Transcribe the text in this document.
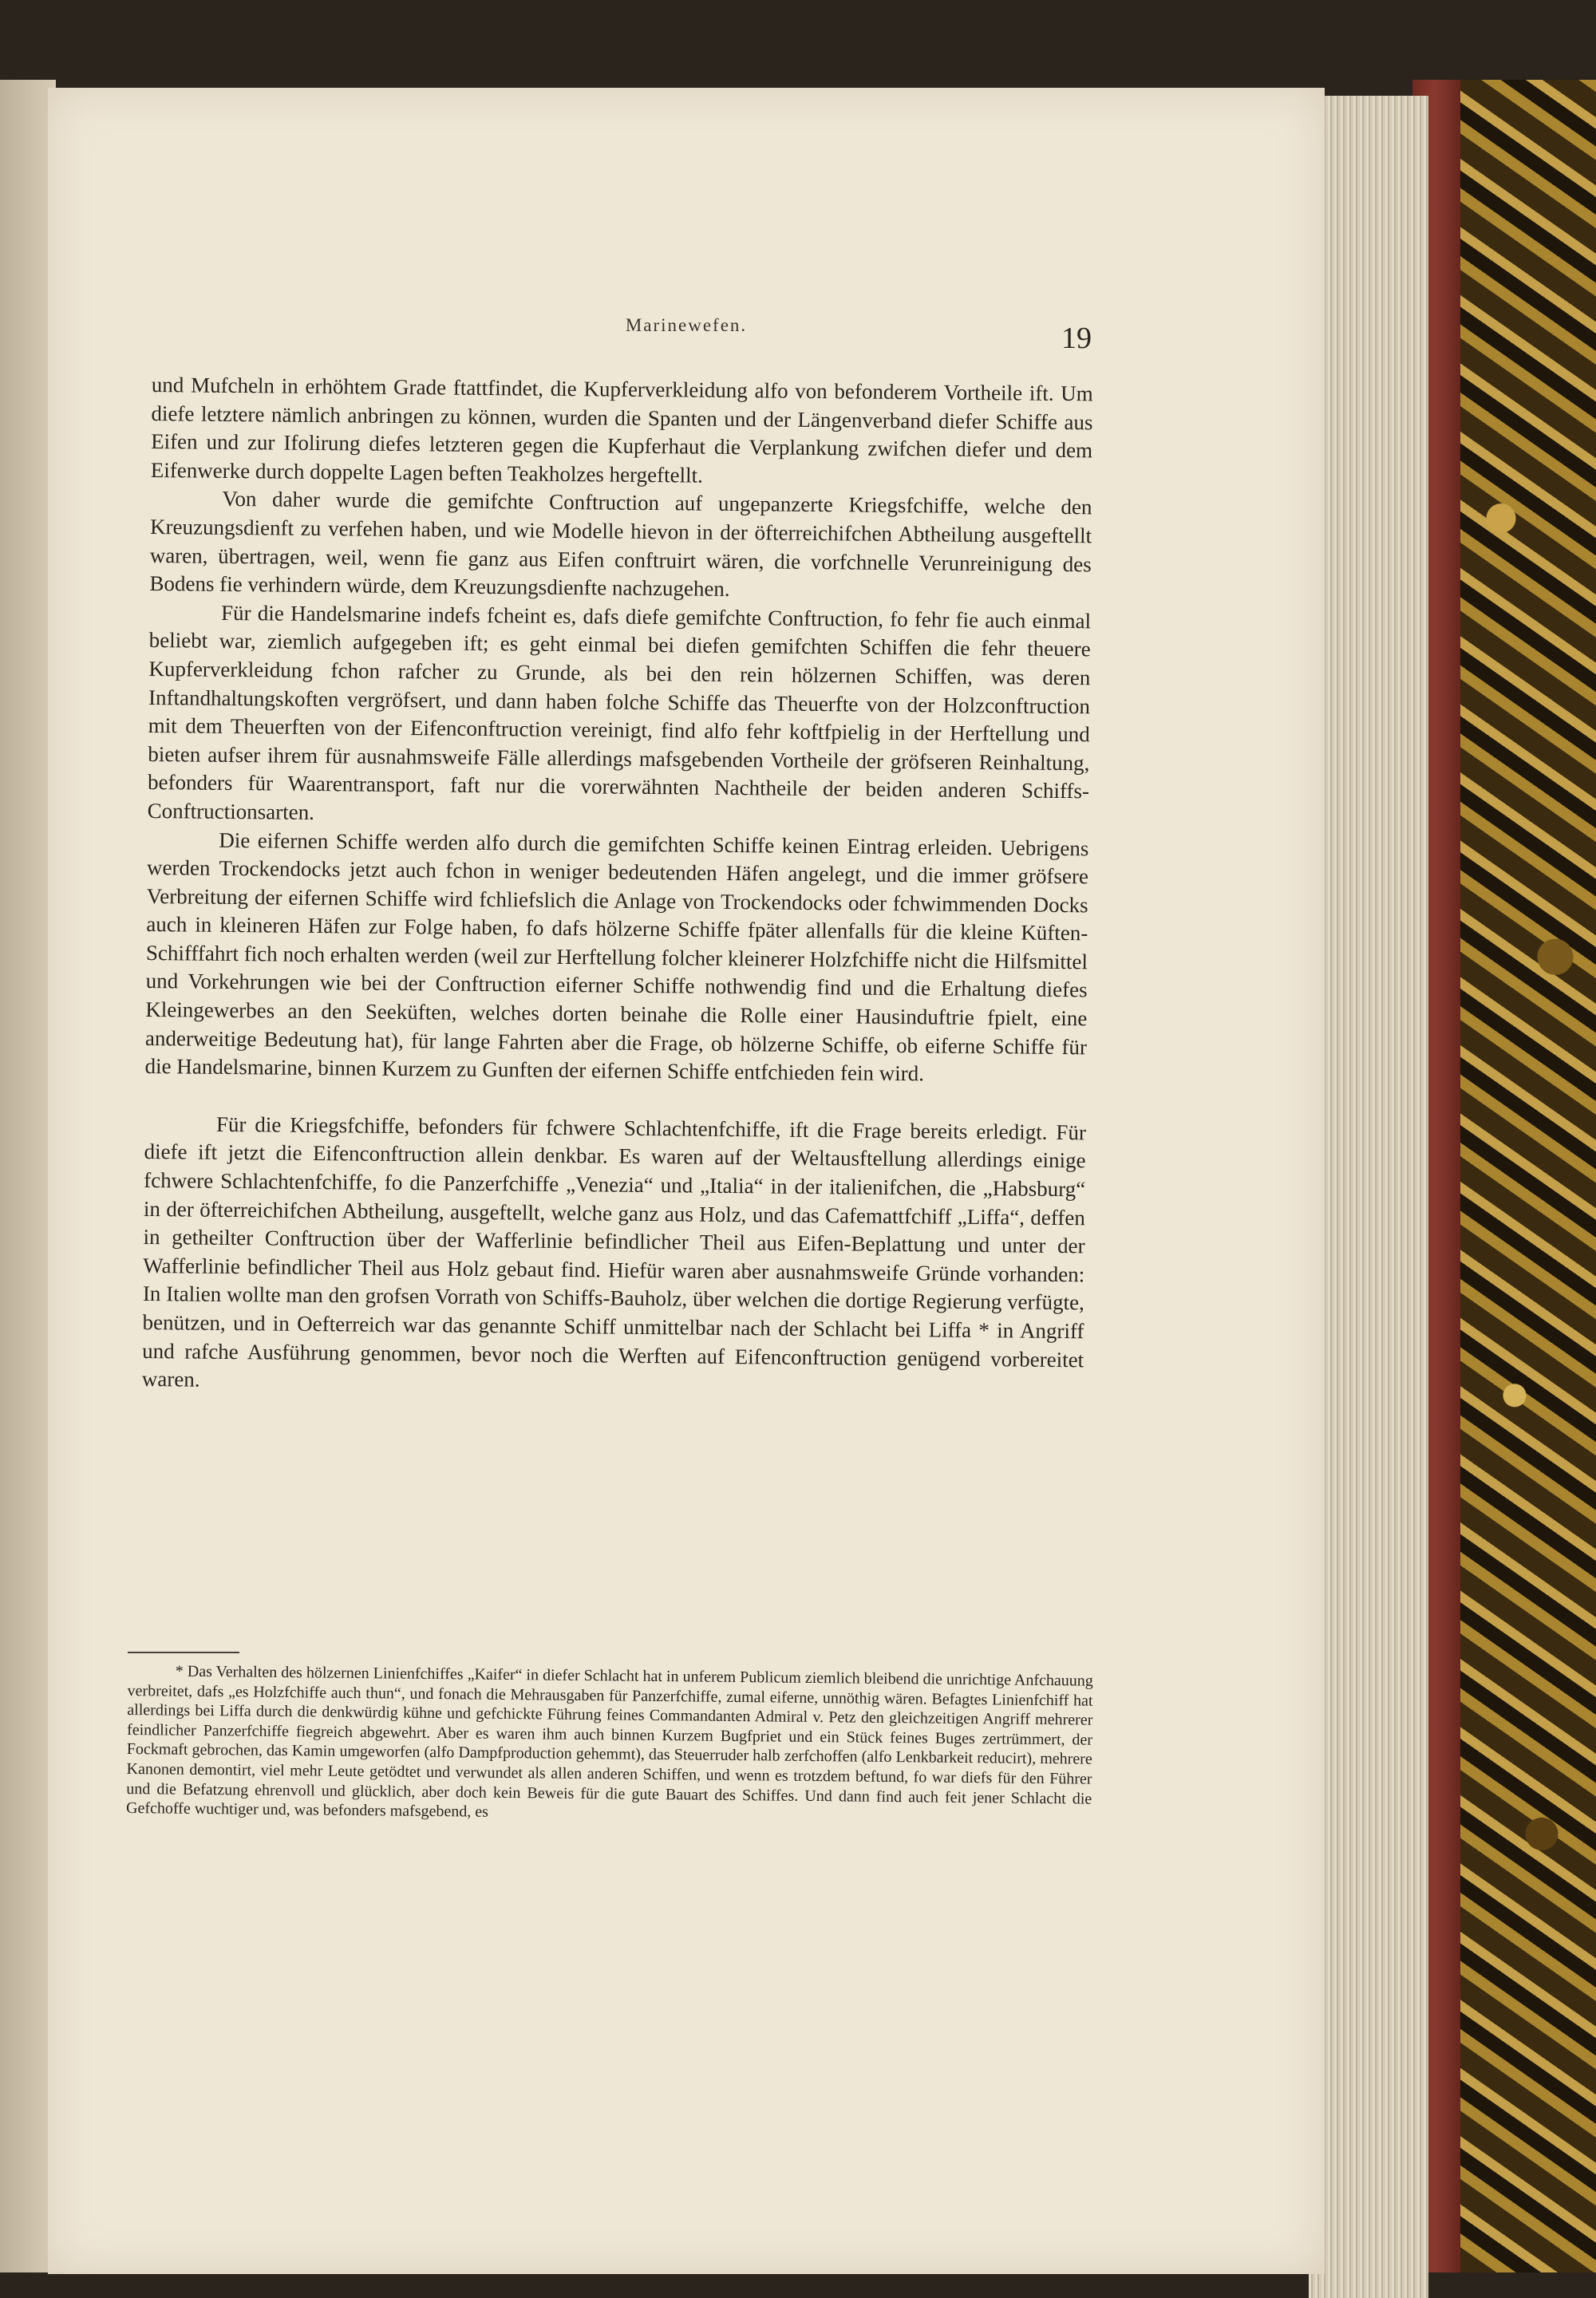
Marinewefen.	19

und Mufcheln in erhöhtem Grade ftattfindet, die Kupferverkleidung alfo von befonderem Vortheile ift. Um diefe letztere nämlich anbringen zu können, wurden die Spanten und der Längenverband diefer Schiffe aus Eifen und zur Ifolirung diefes letzteren gegen die Kupferhaut die Verplankung zwifchen diefer und dem Eifenwerke durch doppelte Lagen beften Teakholzes hergeftellt.

Von daher wurde die gemifchte Conftruction auf ungepanzerte Kriegsfchiffe, welche den Kreuzungsdienft zu verfehen haben, und wie Modelle hievon in der öfterreichifchen Abtheilung ausgeftellt waren, übertragen, weil, wenn fie ganz aus Eifen conftruirt wären, die vorfchnelle Verunreinigung des Bodens fie verhindern würde, dem Kreuzungsdienfte nachzugehen.

Für die Handelsmarine indefs fcheint es, dafs diefe gemifchte Conftruction, fo fehr fie auch einmal beliebt war, ziemlich aufgegeben ift; es geht einmal bei diefen gemifchten Schiffen die fehr theuere Kupferverkleidung fchon rafcher zu Grunde, als bei den rein hölzernen Schiffen, was deren Inftandhaltungskoften vergröfsert, und dann haben folche Schiffe das Theuerfte von der Holzconftruction mit dem Theuerften von der Eifenconftruction vereinigt, find alfo fehr koftfpielig in der Herftellung und bieten aufser ihrem für ausnahmsweife Fälle allerdings mafsgebenden Vortheile der gröfseren Reinhaltung, befonders für Waarentransport, faft nur die vorerwähnten Nachtheile der beiden anderen Schiffs-Conftructionsarten.

Die eifernen Schiffe werden alfo durch die gemifchten Schiffe keinen Eintrag erleiden. Uebrigens werden Trockendocks jetzt auch fchon in weniger bedeutenden Häfen angelegt, und die immer gröfsere Verbreitung der eifernen Schiffe wird fchliefslich die Anlage von Trockendocks oder fchwimmenden Docks auch in kleineren Häfen zur Folge haben, fo dafs hölzerne Schiffe fpäter allenfalls für die kleine Küften-Schifffahrt fich noch erhalten werden (weil zur Herftellung folcher kleinerer Holzfchiffe nicht die Hilfsmittel und Vorkehrungen wie bei der Conftruction eiferner Schiffe nothwendig find und die Erhaltung diefes Kleingewerbes an den Seeküften, welches dorten beinahe die Rolle einer Hausinduftrie fpielt, eine anderweitige Bedeutung hat), für lange Fahrten aber die Frage, ob hölzerne Schiffe, ob eiferne Schiffe für die Handelsmarine, binnen Kurzem zu Gunften der eifernen Schiffe entfchieden fein wird.

Für die Kriegsfchiffe, befonders für fchwere Schlachtenfchiffe, ift die Frage bereits erledigt. Für diefe ift jetzt die Eifenconftruction allein denkbar. Es waren auf der Weltausftellung allerdings einige fchwere Schlachtenfchiffe, fo die Panzerfchiffe „Venezia“ und „Italia“ in der italienifchen, die „Habsburg“ in der öfterreichifchen Abtheilung, ausgeftellt, welche ganz aus Holz, und das Cafemattfchiff „Liffa“, deffen in getheilter Conftruction über der Wafferlinie befindlicher Theil aus Eifen-Beplattung und unter der Wafferlinie befindlicher Theil aus Holz gebaut find. Hiefür waren aber ausnahmsweife Gründe vorhanden: In Italien wollte man den grofsen Vorrath von Schiffs-Bauholz, über welchen die dortige Regierung verfügte, benützen, und in Oefterreich war das genannte Schiff unmittelbar nach der Schlacht bei Liffa * in Angriff und rafche Ausführung genommen, bevor noch die Werften auf Eifenconftruction genügend vorbereitet waren.

* Das Verhalten des hölzernen Linienfchiffes „Kaifer“ in diefer Schlacht hat in unferem Publicum ziemlich bleibend die unrichtige Anfchauung verbreitet, dafs „es Holzfchiffe auch thun“, und fonach die Mehrausgaben für Panzerfchiffe, zumal eiferne, unnöthig wären. Befagtes Linienfchiff hat allerdings bei Liffa durch die denkwürdig kühne und gefchickte Führung feines Commandanten Admiral v. Petz den gleichzeitigen Angriff mehrerer feindlicher Panzerfchiffe fiegreich abgewehrt. Aber es waren ihm auch binnen Kurzem Bugfpriet und ein Stück feines Buges zertrümmert, der Fockmaft gebrochen, das Kamin umgeworfen (alfo Dampfproduction gehemmt), das Steuerruder halb zerfchoffen (alfo Lenkbarkeit reducirt), mehrere Kanonen demontirt, viel mehr Leute getödtet und verwundet als allen anderen Schiffen, und wenn es trotzdem beftund, fo war diefs für den Führer und die Befatzung ehrenvoll und glücklich, aber doch kein Beweis für die gute Bauart des Schiffes. Und dann find auch feit jener Schlacht die Gefchoffe wuchtiger und, was befonders mafsgebend, es
